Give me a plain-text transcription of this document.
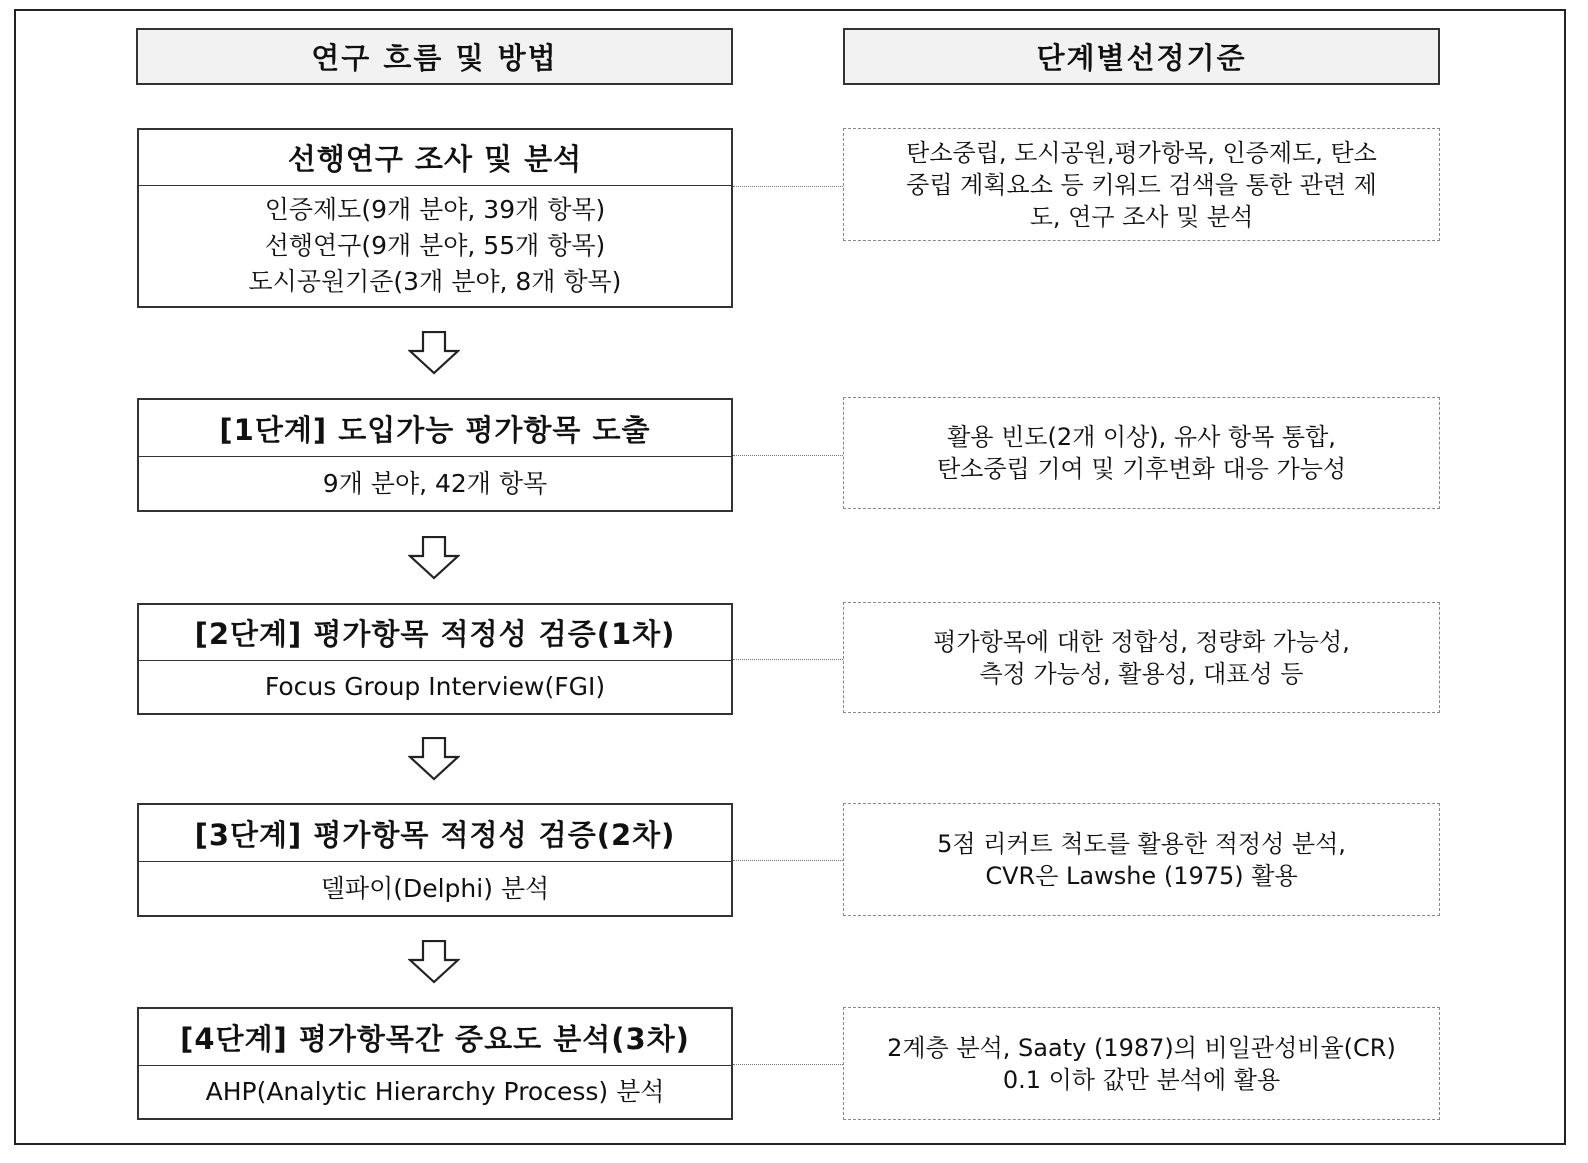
연구 흐름 및 방법	단계별선정기준
선행연구 조사 및 분석
인증제도(9개 분야, 39개 항목)
선행연구(9개 분야, 55개 항목)
도시공원기준(3개 분야, 8개 항목)
탄소중립, 도시공원,평가항목, 인증제도, 탄소
중립 계획요소 등 키워드 검색을 통한 관련 제
도, 연구 조사 및 분석
[1단계] 도입가능 평가항목 도출
9개 분야, 42개 항목
활용 빈도(2개 이상), 유사 항목 통합,
탄소중립 기여 및 기후변화 대응 가능성
[2단계] 평가항목 적정성 검증(1차)
Focus Group Interview(FGI)
평가항목에 대한 정합성, 정량화 가능성,
측정 가능성, 활용성, 대표성 등
[3단계] 평가항목 적정성 검증(2차)
델파이(Delphi) 분석
5점 리커트 척도를 활용한 적정성 분석,
CVR은 Lawshe (1975) 활용
[4단계] 평가항목간 중요도 분석(3차)
AHP(Analytic Hierarchy Process) 분석
2계층 분석, Saaty (1987)의 비일관성비율(CR)
0.1 이하 값만 분석에 활용
